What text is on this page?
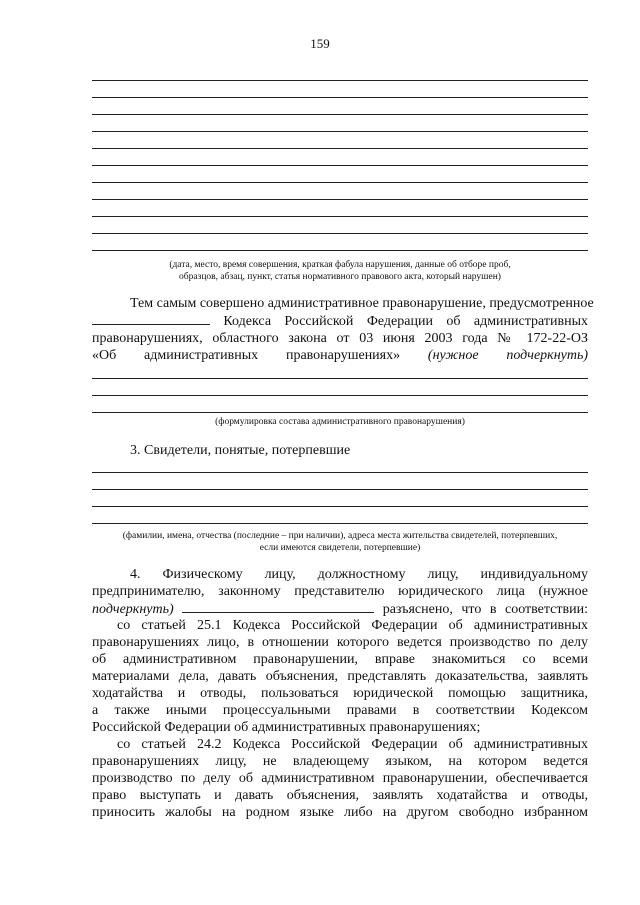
159
(дата, место, время совершения, краткая фабула нарушения, данные об отборе проб,
образцов, абзац, пункт, статья нормативного правового акта, который нарушен)
Тем самым совершено административное правонарушение, предусмотренное
Кодекса Российской Федерации об административных
правонарушениях, областного закона от 03 июня 2003 года № 172-22-ОЗ
«Об административных правонарушениях» (нужное подчеркнуть)
(формулировка состава административного правонарушения)
3. Свидетели, понятые, потерпевшие
(фамилии, имена, отчества (последние – при наличии), адреса места жительства свидетелей, потерпевших,
если имеются свидетели, потерпевшие)
4. Физическому лицу, должностному лицу, индивидуальному
предпринимателю, законному представителю юридического лица (нужное
подчеркнуть)	разъяснено, что в соответствии:
со статьей 25.1 Кодекса Российской Федерации об административных
правонарушениях лицо, в отношении которого ведется производство по делу
об административном правонарушении, вправе знакомиться со всеми
материалами дела, давать объяснения, представлять доказательства, заявлять
ходатайства и отводы, пользоваться юридической помощью защитника,
а также иными процессуальными правами в соответствии Кодексом
Российской Федерации об административных правонарушениях;
со статьей 24.2 Кодекса Российской Федерации об административных
правонарушениях лицу, не владеющему языком, на котором ведется
производство по делу об административном правонарушении, обеспечивается
право выступать и давать объяснения, заявлять ходатайства и отводы,
приносить жалобы на родном языке либо на другом свободно избранном
